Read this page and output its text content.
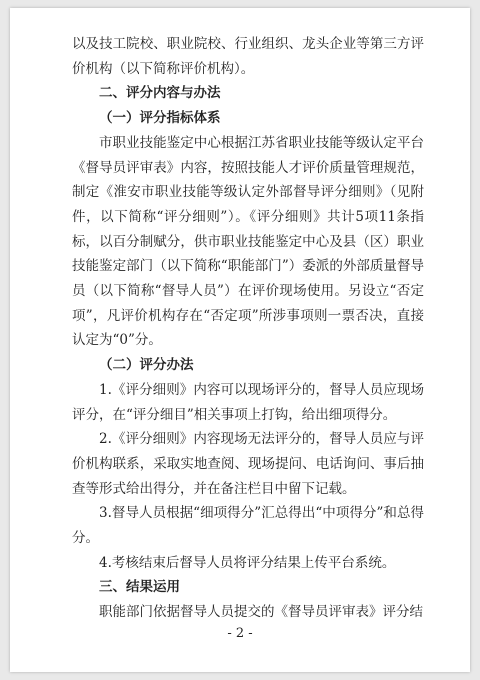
以及技工院校、职业院校、行业组织、龙头企业等第三方评价机构（以下简称评价机构）。

二、评分内容与办法

（一）评分指标体系

市职业技能鉴定中心根据江苏省职业技能等级认定平台《督导员评审表》内容，按照技能人才评价质量管理规范，制定《淮安市职业技能等级认定外部督导评分细则》（见附件，以下简称“评分细则”）。《评分细则》共计5项11条指标，以百分制赋分，供市职业技能鉴定中心及县（区）职业技能鉴定部门（以下简称“职能部门”）委派的外部质量督导员（以下简称“督导人员”）在评价现场使用。另设立“否定项”，凡评价机构存在“否定项”所涉事项则一票否决，直接认定为“0”分。

（二）评分办法

1.《评分细则》内容可以现场评分的，督导人员应现场评分，在“评分细目”相关事项上打钩，给出细项得分。

2.《评分细则》内容现场无法评分的，督导人员应与评价机构联系，采取实地查阅、现场提问、电话询问、事后抽查等形式给出得分，并在备注栏目中留下记载。

3.督导人员根据“细项得分”汇总得出“中项得分”和总得分。

4.考核结束后督导人员将评分结果上传平台系统。

三、结果运用

职能部门依据督导人员提交的《督导员评审表》评分结

- 2 -
